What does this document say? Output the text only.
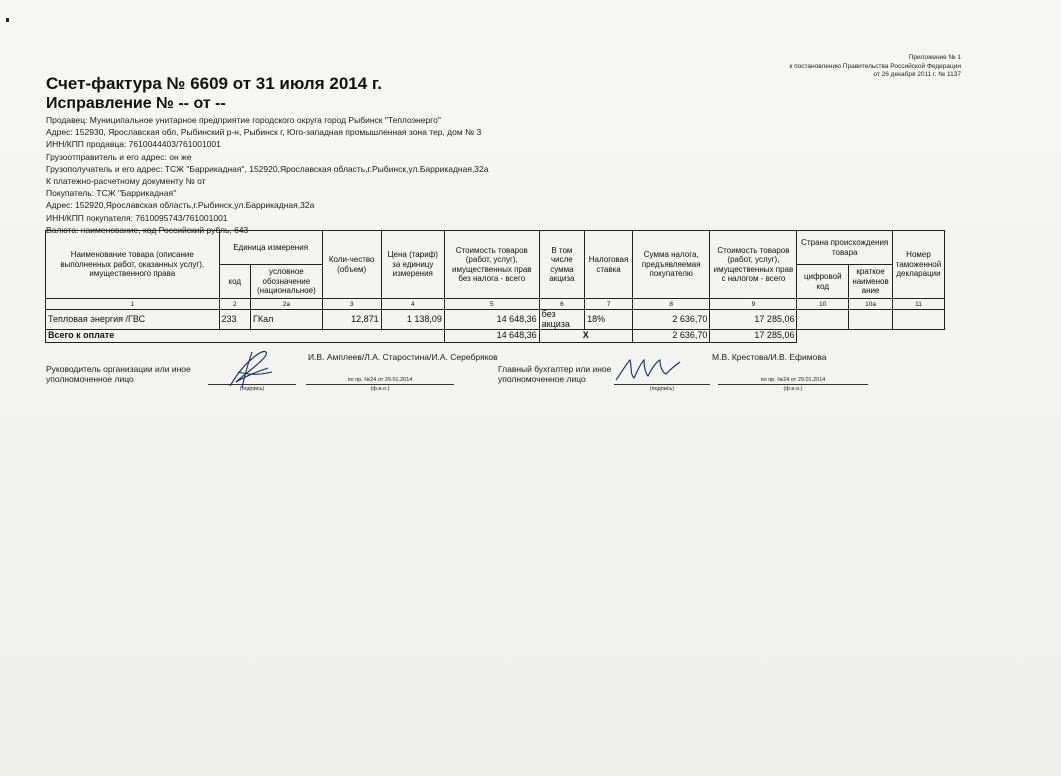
Приложение № 1
к постановлению Правительства Российской Федерации
от 26 декабря 2011 г. № 1137
Счет-фактура № 6609 от 31 июля 2014 г.
Исправление № -- от --
Продавец: Муниципальное унитарное предприятие городского округа город Рыбинск "Теплоэнерго"
Адрес: 152930, Ярославская обл, Рыбинский р-н, Рыбинск г, Юго-западная промышленная зона тер, дом № 3
ИНН/КПП продавца: 7610044403/761001001
Грузоотправитель и его адрес: он же
Грузополучатель и его адрес: ТСЖ "Баррикадная", 152920,Ярославская область,г.Рыбинск,ул.Баррикадная,32а
К платежно-расчетному документу № от
Покупатель: ТСЖ "Баррикадная"
Адрес: 152920,Ярославская область,г.Рыбинск,ул.Баррикадная,32а
ИНН/КПП покупателя: 7610095743/761001001
Валюта: наименование, код Российский рубль, 643
Наименование товара (описание выполненных работ, оказанных услуг), имущественного права	Единица измерения		Коли-чество (объем)	Цена (тариф) за единицу измерения	Стоимость товаров (работ, услуг), имущественных прав без налога - всего	В том числе сумма акциза	Налоговая ставка	Сумма налога, предъявляемая покупателю	Стоимость товаров (работ, услуг), имущественных прав с налогом - всего	Страна происхождения товара		Номер таможенной декларации
	код	условное обозначение (национальное)								цифровой код	краткое наименов ание	
1	2	2а	3	4	5	6	7	8	9	10	10а	11
Тепловая энергия /ГВС	233	ГКал	12,871	1 138,09	14 648,36	без акциза	18%	2 636,70	17 285,06			
Всего к оплате					14 648,36	Х		2 636,70	17 285,06			
Руководитель организации или иное уполномоченное лицо
И.В. Амплеев/Л.А. Старостина/И.А. Серебряков
по пр. №24 от 29.01.2014
(подпись)	(ф.и.о.)
Главный бухгалтер или иное уполномоченное лицо
М.В. Крестова/И.В. Ефимова
по пр. №24 от 29.01.2014
(подпись)	(ф.и.о.)
